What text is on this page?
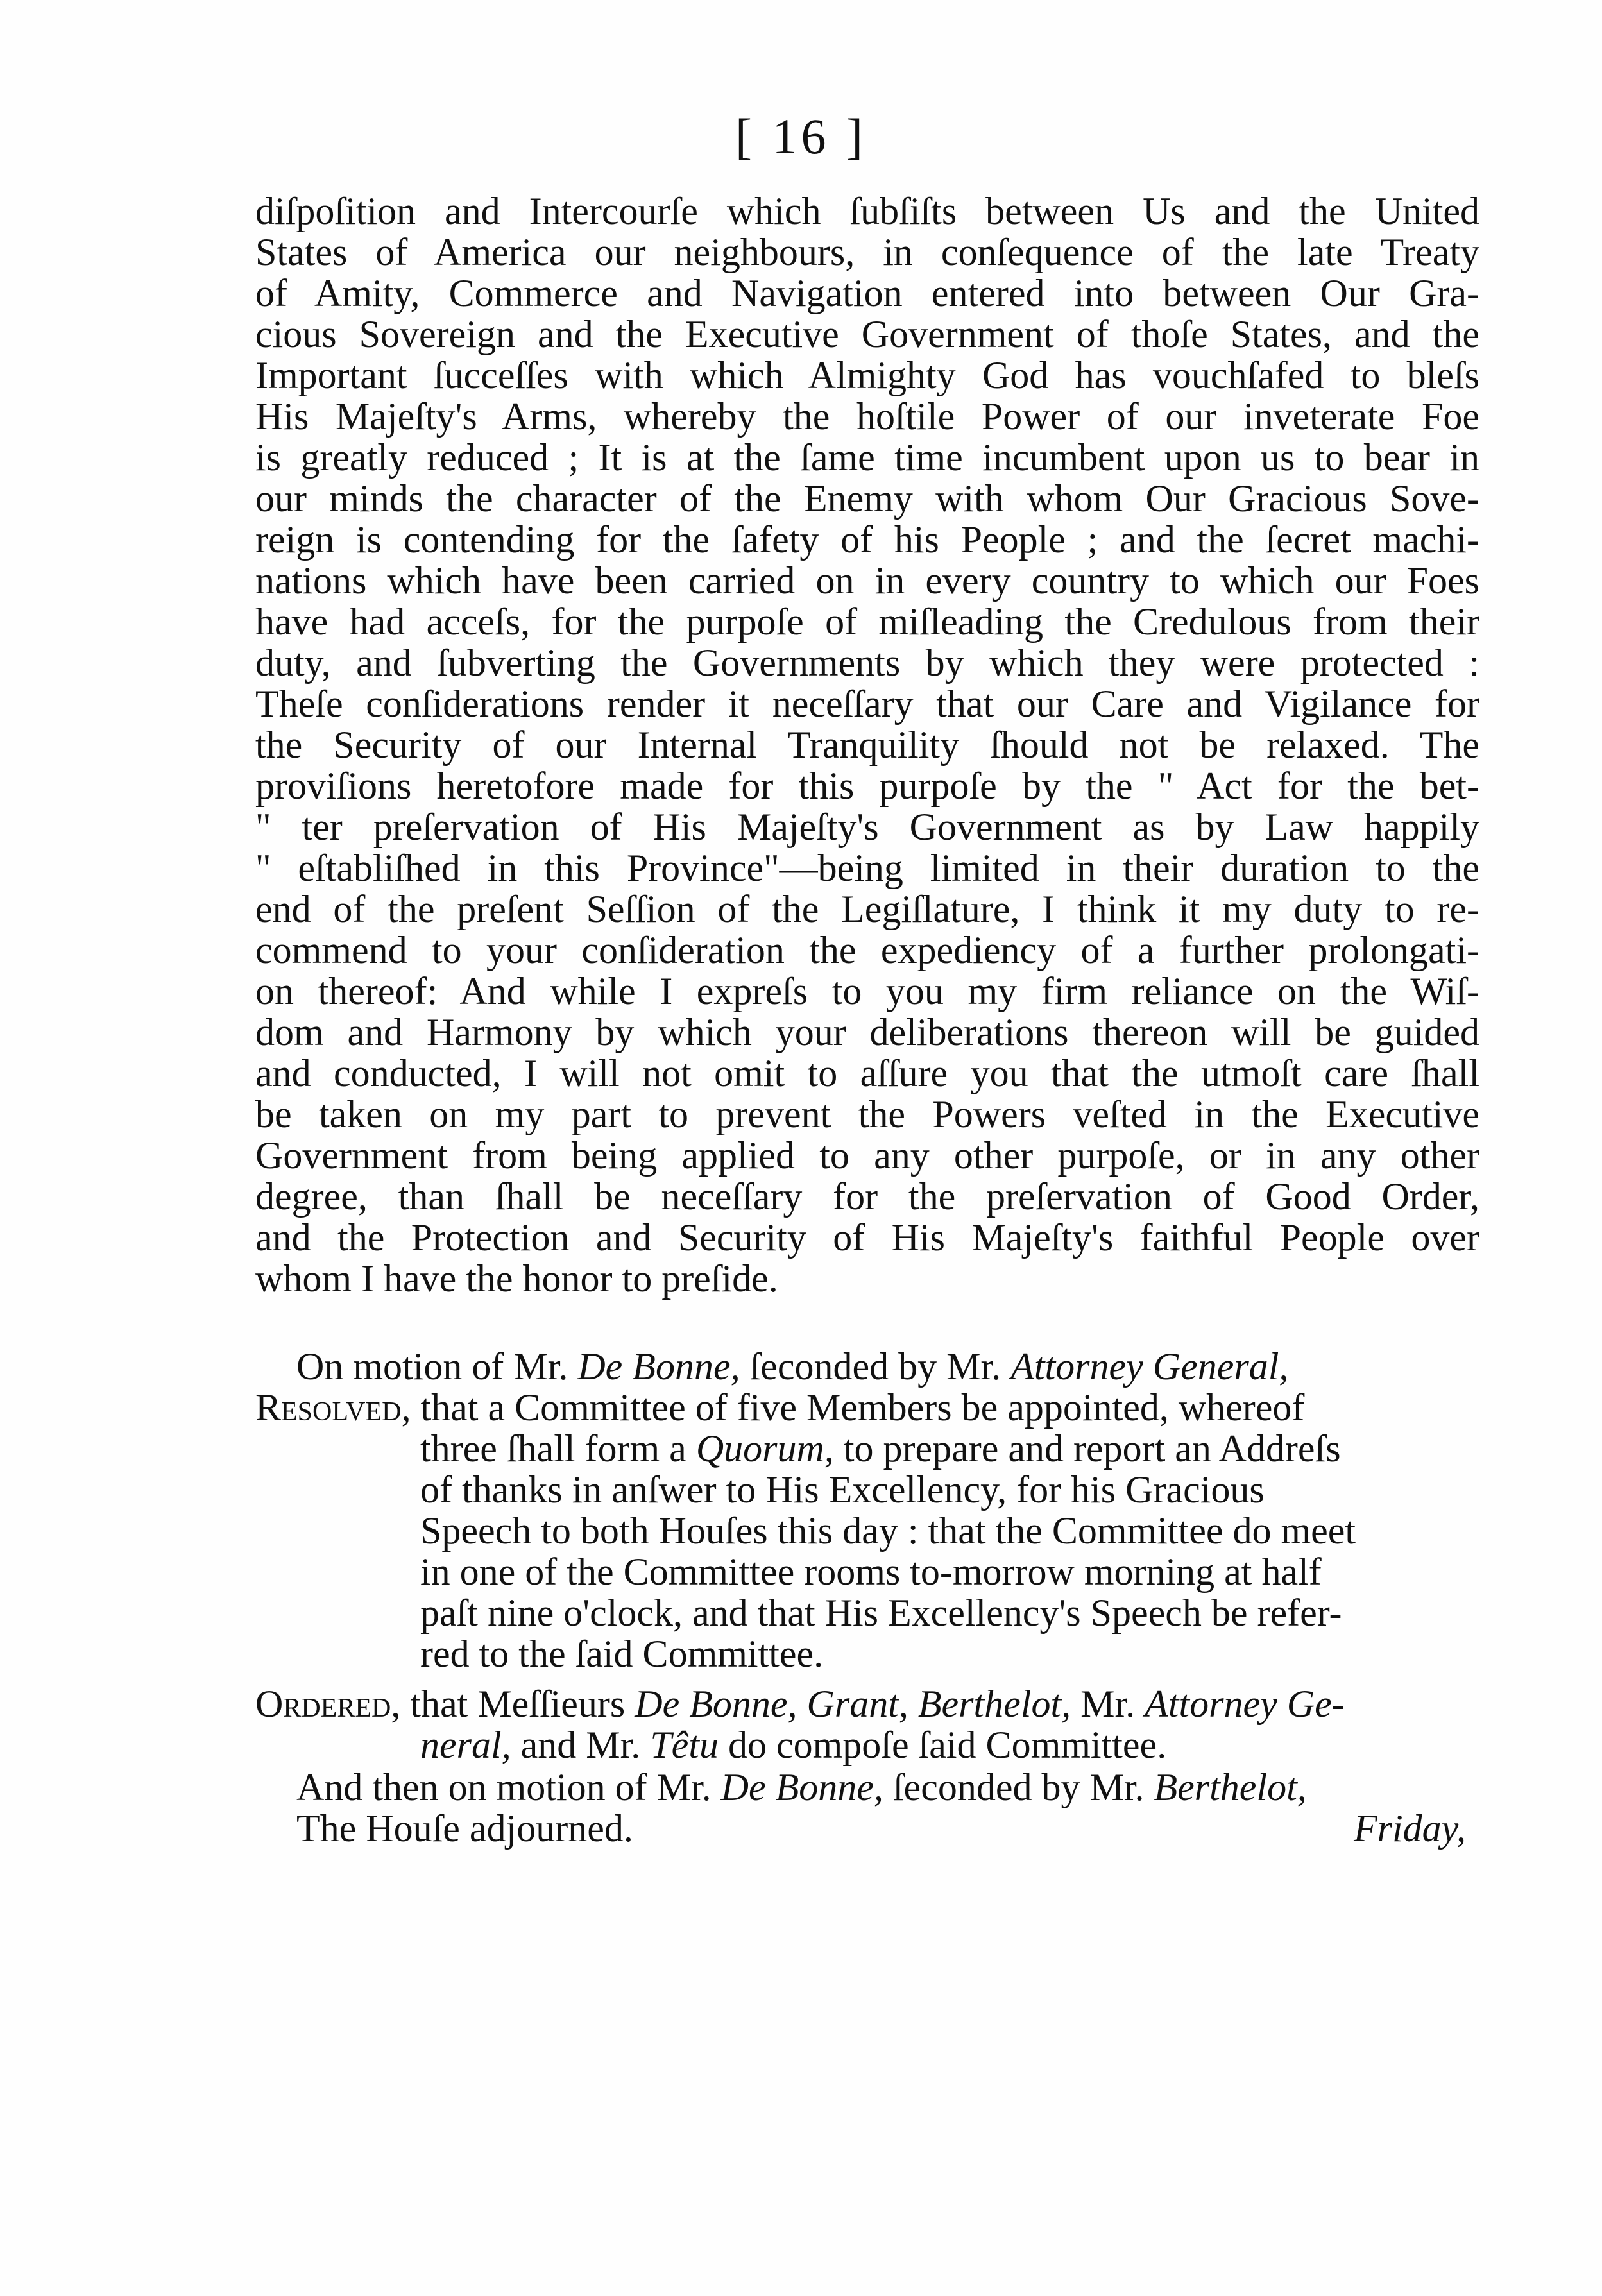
[ 16 ]
diſpoſition and Intercourſe which ſubſiſts between Us and the United
States of America our neighbours, in conſequence of the late Treaty
of Amity, Commerce and Navigation entered into between Our Gra-
cious Sovereign and the Executive Government of thoſe States, and the
Important ſucceſſes with which Almighty God has vouchſafed to bleſs
His Majeſty's Arms, whereby the hoſtile Power of our inveterate Foe
is greatly reduced ; It is at the ſame time incumbent upon us to bear in
our minds the character of the Enemy with whom Our Gracious Sove-
reign is contending for the ſafety of his People ; and the ſecret machi-
nations which have been carried on in every country to which our Foes
have had acceſs, for the purpoſe of miſleading the Credulous from their
duty, and ſubverting the Governments by which they were protected :
Theſe conſiderations render it neceſſary that our Care and Vigilance for
the Security of our Internal Tranquility ſhould not be relaxed. The
proviſions heretofore made for this purpoſe by the " Act for the bet-
" ter preſervation of His Majeſty's Government as by Law happily
" eſtabliſhed in this Province"—being limited in their duration to the
end of the preſent Seſſion of the Legiſlature, I think it my duty to re-
commend to your conſideration the expediency of a further prolongati-
on thereof: And while I expreſs to you my firm reliance on the Wiſ-
dom and Harmony by which your deliberations thereon will be guided
and conducted, I will not omit to aſſure you that the utmoſt care ſhall
be taken on my part to prevent the Powers veſted in the Executive
Government from being applied to any other purpoſe, or in any other
degree, than ſhall be neceſſary for the preſervation of Good Order,
and the Protection and Security of His Majeſty's faithful People over
whom I have the honor to preſide.
On motion of Mr. De Bonne, ſeconded by Mr. Attorney General,
Resolved, that a Committee of five Members be appointed, whereof
three ſhall form a Quorum, to prepare and report an Addreſs
of thanks in anſwer to His Excellency, for his Gracious
Speech to both Houſes this day : that the Committee do meet
in one of the Committee rooms to-morrow morning at half
paſt nine o'clock, and that His Excellency's Speech be refer-
red to the ſaid Committee.
Ordered, that Meſſieurs De Bonne, Grant, Berthelot, Mr. Attorney Ge-
neral, and Mr. Têtu do compoſe ſaid Committee.
And then on motion of Mr. De Bonne, ſeconded by Mr. Berthelot,
The Houſe adjourned.	Friday,
